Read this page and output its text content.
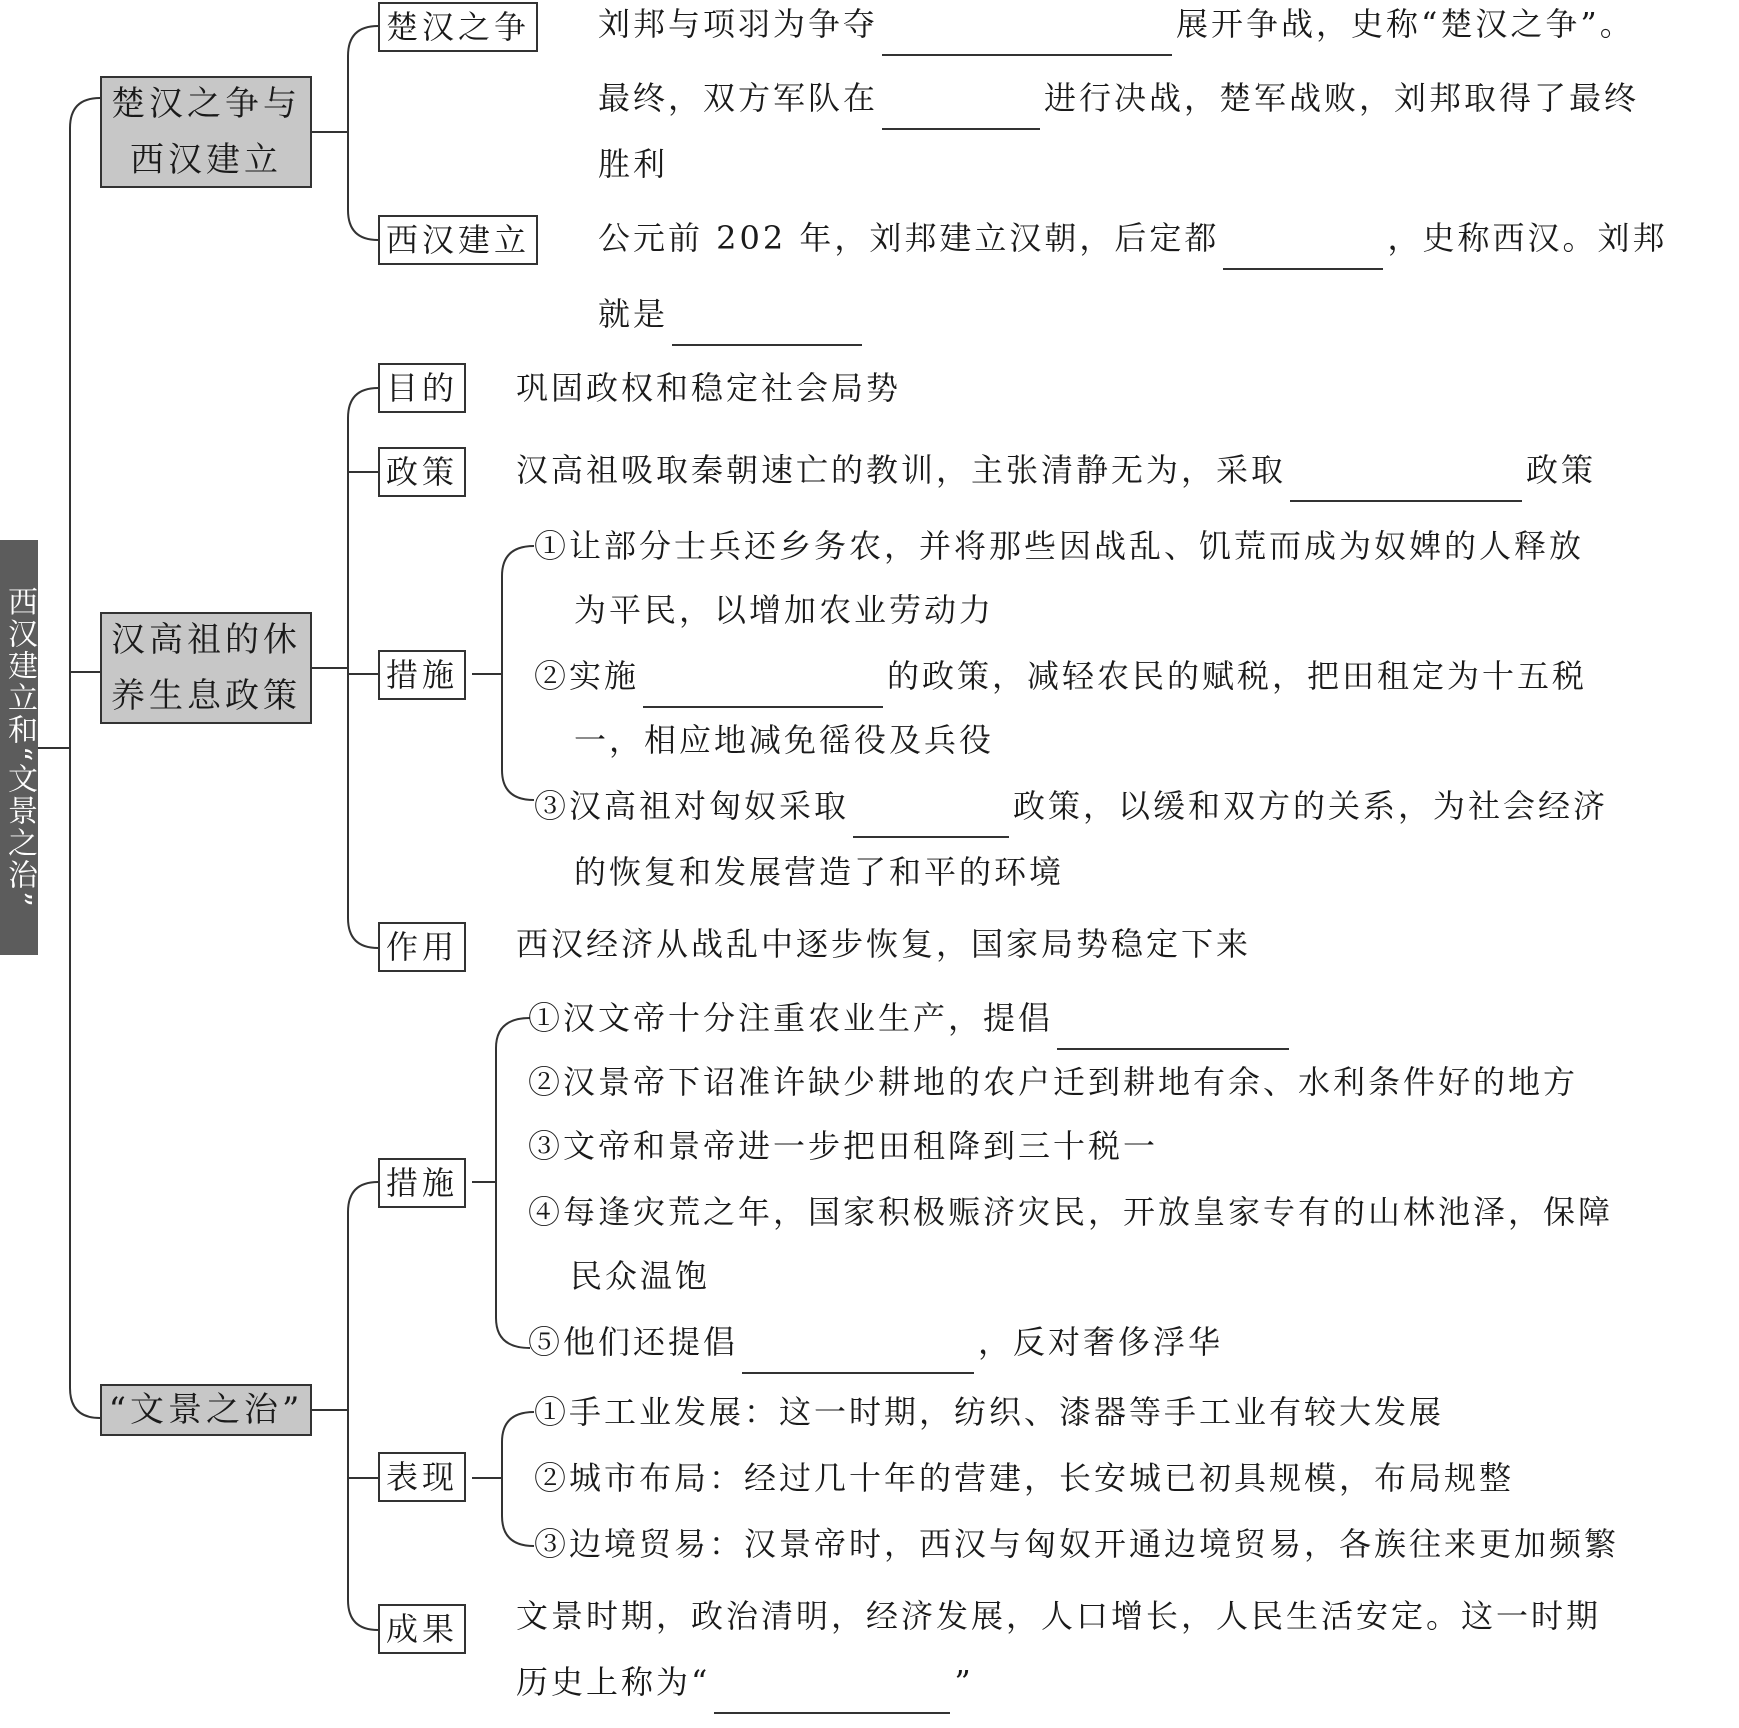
西汉建立和“文景之治”
楚汉之争与
西汉建立
楚汉之争 刘邦与项羽为争夺	展开争战，史称“楚汉之争”。
最终，双方军队在	进行决战，楚军战败，刘邦取得了最终
胜利
西汉建立 公元前 202 年，刘邦建立汉朝，后定都	，史称西汉。刘邦
就是
汉高祖的休
养生息政策
目的 巩固政权和稳定社会局势
政策 汉高祖吸取秦朝速亡的教训，主张清静无为，采取	政策
措施
①让部分士兵还乡务农，并将那些因战乱、饥荒而成为奴婢的人释放
为平民，以增加农业劳动力
②实施	的政策，减轻农民的赋税，把田租定为十五税
一，相应地减免徭役及兵役
③汉高祖对匈奴采取	政策，以缓和双方的关系，为社会经济
的恢复和发展营造了和平的环境
作用 西汉经济从战乱中逐步恢复，国家局势稳定下来
“文景之治”
措施
①汉文帝十分注重农业生产，提倡
②汉景帝下诏准许缺少耕地的农户迁到耕地有余、水利条件好的地方
③文帝和景帝进一步把田租降到三十税一
④每逢灾荒之年，国家积极赈济灾民，开放皇家专有的山林池泽，保障
民众温饱
⑤他们还提倡	，反对奢侈浮华
表现
①手工业发展：这一时期，纺织、漆器等手工业有较大发展
②城市布局：经过几十年的营建，长安城已初具规模，布局规整
③边境贸易：汉景帝时，西汉与匈奴开通边境贸易，各族往来更加频繁
成果 文景时期，政治清明，经济发展，人口增长，人民生活安定。这一时期
历史上称为“	”
